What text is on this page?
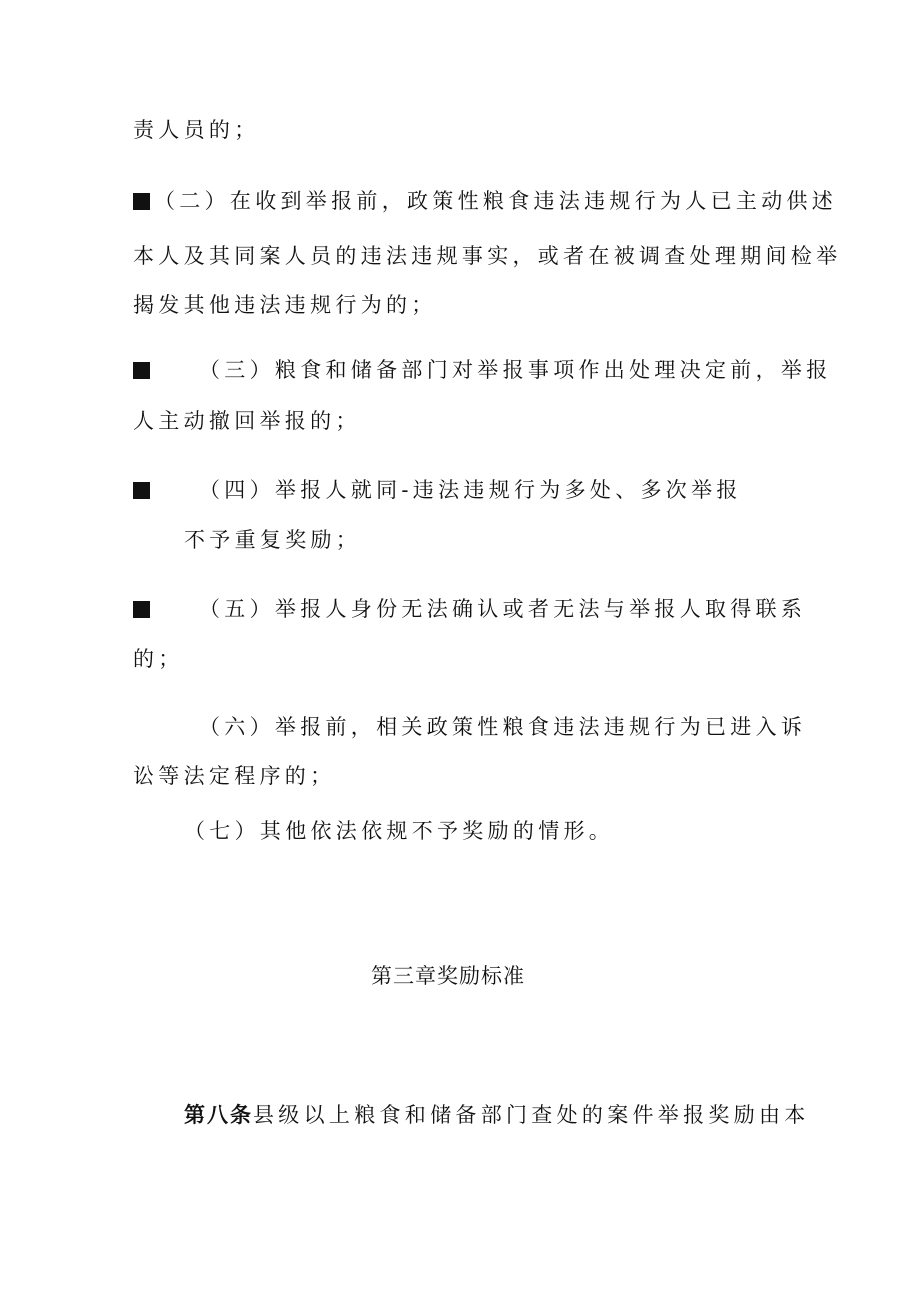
责人员的；
（二）在收到举报前，政策性粮食违法违规行为人已主动供述
本人及其同案人员的违法违规事实，或者在被调查处理期间检举
揭发其他违法违规行为的；
（三）粮食和储备部门对举报事项作出处理决定前，举报
人主动撤回举报的；
（四）举报人就同-违法违规行为多处、多次举报
不予重复奖励；
（五）举报人身份无法确认或者无法与举报人取得联系
的；
（六）举报前，相关政策性粮食违法违规行为已进入诉
讼等法定程序的；
（七）其他依法依规不予奖励的情形。
第三章奖励标准
第八条县级以上粮食和储备部门查处的案件举报奖励由本
